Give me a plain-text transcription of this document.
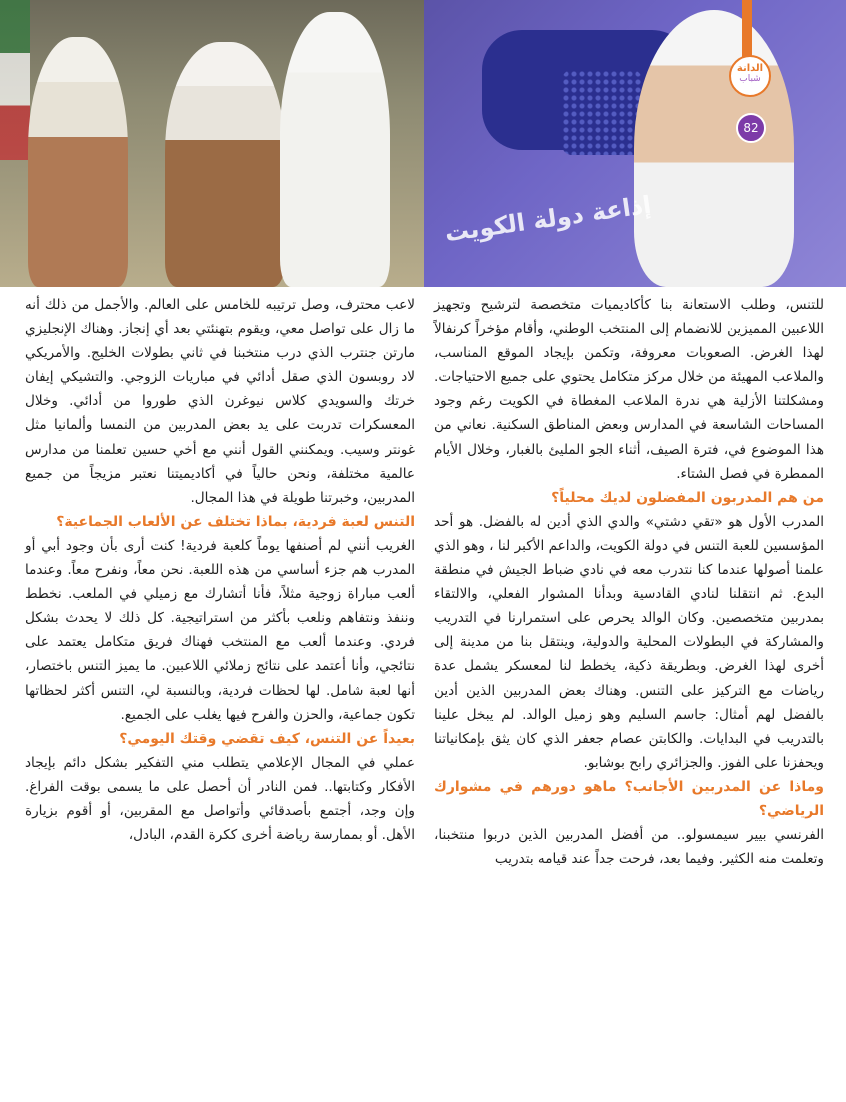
إذاعة دولة الكويت
الدانة
شباب
82

للتنس، وطلب الاستعانة بنا كأكاديميات متخصصة لترشيح وتجهيز اللاعبين المميزين للانضمام إلى المنتخب الوطني، وأقام مؤخراً كرنفالاً لهذا الغرض. الصعوبات معروفة، وتكمن بإيجاد الموقع المناسب، والملاعب المهيئة من خلال مركز متكامل يحتوي على جميع الاحتياجات. ومشكلتنا الأزلية هي ندرة الملاعب المغطاة في الكويت رغم وجود المساحات الشاسعة في المدارس وبعض المناطق السكنية. نعاني من هذا الموضوع في، فترة الصيف، أثناء الجو المليئ بالغبار، وخلال الأيام الممطرة في فصل الشتاء.

من هم المدربون المفضلون لديك محلياً؟

المدرب الأول هو «تقي دشتي» والدي الذي أدين له بالفضل. هو أحد المؤسسين للعبة التنس في دولة الكويت، والداعم الأكبر لنا ، وهو الذي علمنا أصولها عندما كنا نتدرب معه في نادي ضباط الجيش في منطقة البدع. ثم انتقلنا لنادي القادسية وبدأنا المشوار الفعلي، والالتقاء بمدربين متخصصين. وكان الوالد يحرص على استمرارنا في التدريب والمشاركة في البطولات المحلية والدولية، وينتقل بنا من مدينة إلى أخرى لهذا الغرض. وبطريقة ذكية، يخطط لنا لمعسكر يشمل عدة رياضات مع التركيز على التنس. وهناك بعض المدربين الذين أدين بالفضل لهم أمثال: جاسم السليم وهو زميل الوالد. لم يبخل علينا بالتدريب في البدايات. والكابتن عصام جعفر الذي كان يثق بإمكانياتنا ويحفزنا على الفوز. والجزائري رابح بوشابو.

وماذا عن المدربين الأجانب؟ ماهو دورهم في مشوارك الرياضي؟

الفرنسي بيير سيمسولو.. من أفضل المدربين الذين دربوا منتخبنا، وتعلمت منه الكثير. وفيما بعد، فرحت جداً عند قيامه بتدريب

لاعب محترف، وصل ترتيبه للخامس على العالم. والأجمل من ذلك أنه ما زال على تواصل معي، ويقوم بتهنئتي بعد أي إنجاز. وهناك الإنجليزي مارتن جنترب الذي درب منتخبنا في ثاني بطولات الخليج. والأمريكي لاد روبسون الذي صقل أدائي في مباريات الزوجي. والتشيكي إيفان خرتك والسويدي كلاس نيوغرن الذي طوروا من أدائي. وخلال المعسكرات تدربت على يد بعض المدربين من النمسا وألمانيا مثل غونتر وسيب. ويمكنني القول أنني مع أخي حسين تعلمنا من مدارس عالمية مختلفة، ونحن حالياً في أكاديميتنا نعتبر مزيجاً من جميع المدربين، وخبرتنا طويلة في هذا المجال.

التنس لعبة فردية، بماذا تختلف عن الألعاب الجماعية؟

الغريب أنني لم أصنفها يوماً كلعبة فردية! كنت أرى بأن وجود أبي أو المدرب هم جزء أساسي من هذه اللعبة. نحن معاً، ونفرح معاً. وعندما ألعب مباراة زوجية مثلاً، فأنا أتشارك مع زميلي في الملعب. نخطط وننفذ ونتفاهم ونلعب بأكثر من استراتيجية. كل ذلك لا يحدث بشكل فردي. وعندما ألعب مع المنتخب فهناك فريق متكامل يعتمد على نتائجي، وأنا أعتمد على نتائج زملائي اللاعبين. ما يميز التنس باختصار، أنها لعبة شامل. لها لحظات فردية، وبالنسبة لي، التنس أكثر لحظاتها تكون جماعية، والحزن والفرح فيها يغلب على الجميع.

بعيداً عن التنس، كيف تقضي وقتك اليومي؟

عملي في المجال الإعلامي يتطلب مني التفكير بشكل دائم بإيجاد الأفكار وكتابتها.. فمن النادر أن أحصل على ما يسمى بوقت الفراغ. وإن وجد، أجتمع بأصدقائي وأتواصل مع المقربين، أو أقوم بزيارة الأهل. أو بممارسة رياضة أخرى ككرة القدم، البادل،
